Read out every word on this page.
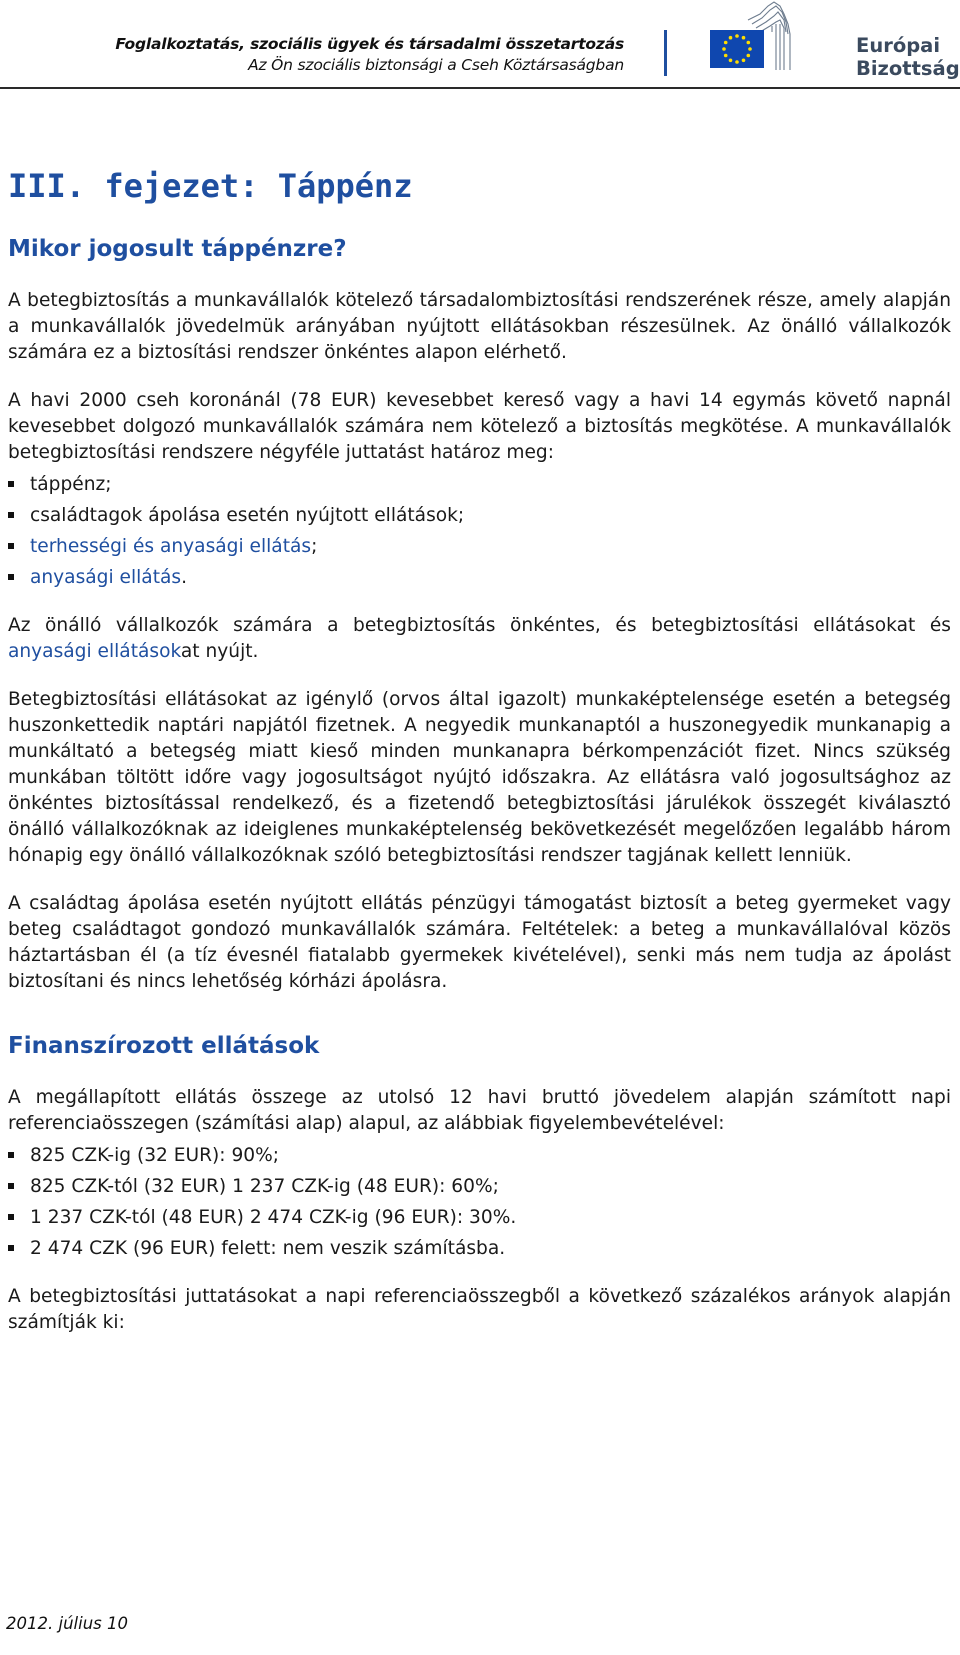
Foglalkoztatás, szociális ügyek és társadalmi összetartozás
Az Ön szociális biztonsági a Cseh Köztársaságban
Európai
Bizottság
III. fejezet: Táppénz
Mikor jogosult táppénzre?

A betegbiztosítás a munkavállalók kötelező társadalombiztosítási rendszerének része, amely alapján a munkavállalók jövedelmük arányában nyújtott ellátásokban részesülnek. Az önálló vállalkozók számára ez a biztosítási rendszer önkéntes alapon elérhető.

A havi 2000 cseh koronánál (78 EUR) kevesebbet kereső vagy a havi 14 egymás követő napnál kevesebbet dolgozó munkavállalók számára nem kötelező a biztosítás megkötése. A munkavállalók betegbiztosítási rendszere négyféle juttatást határoz meg:

táppénz;
családtagok ápolása esetén nyújtott ellátások;
terhességi és anyasági ellátás;
anyasági ellátás.

Az önálló vállalkozók számára a betegbiztosítás önkéntes, és betegbiztosítási ellátásokat és anyasági ellátásokat nyújt.

Betegbiztosítási ellátásokat az igénylő (orvos által igazolt) munkaképtelensége esetén a betegség huszonkettedik naptári napjától fizetnek. A negyedik munkanaptól a huszonegyedik munkanapig a munkáltató a betegség miatt kieső minden munkanapra bérkompenzációt fizet. Nincs szükség munkában töltött időre vagy jogosultságot nyújtó időszakra. Az ellátásra való jogosultsághoz az önkéntes biztosítással rendelkező, és a fizetendő betegbiztosítási járulékok összegét kiválasztó önálló vállalkozóknak az ideiglenes munkaképtelenség bekövetkezését megelőzően legalább három hónapig egy önálló vállalkozóknak szóló betegbiztosítási rendszer tagjának kellett lenniük.

A családtag ápolása esetén nyújtott ellátás pénzügyi támogatást biztosít a beteg gyermeket vagy beteg családtagot gondozó munkavállalók számára. Feltételek: a beteg a munkavállalóval közös háztartásban él (a tíz évesnél fiatalabb gyermekek kivételével), senki más nem tudja az ápolást biztosítani és nincs lehetőség kórházi ápolásra.

Finanszírozott ellátások

A megállapított ellátás összege az utolsó 12 havi bruttó jövedelem alapján számított napi referenciaösszegen (számítási alap) alapul, az alábbiak figyelembevételével:

825 CZK-ig (32 EUR): 90%;
825 CZK-tól (32 EUR) 1 237 CZK-ig (48 EUR): 60%;
1 237 CZK-tól (48 EUR) 2 474 CZK-ig (96 EUR): 30%.
2 474 CZK (96 EUR) felett: nem veszik számításba.

A betegbiztosítási juttatásokat a napi referenciaösszegből a következő százalékos arányok alapján számítják ki:

2012. július 10
